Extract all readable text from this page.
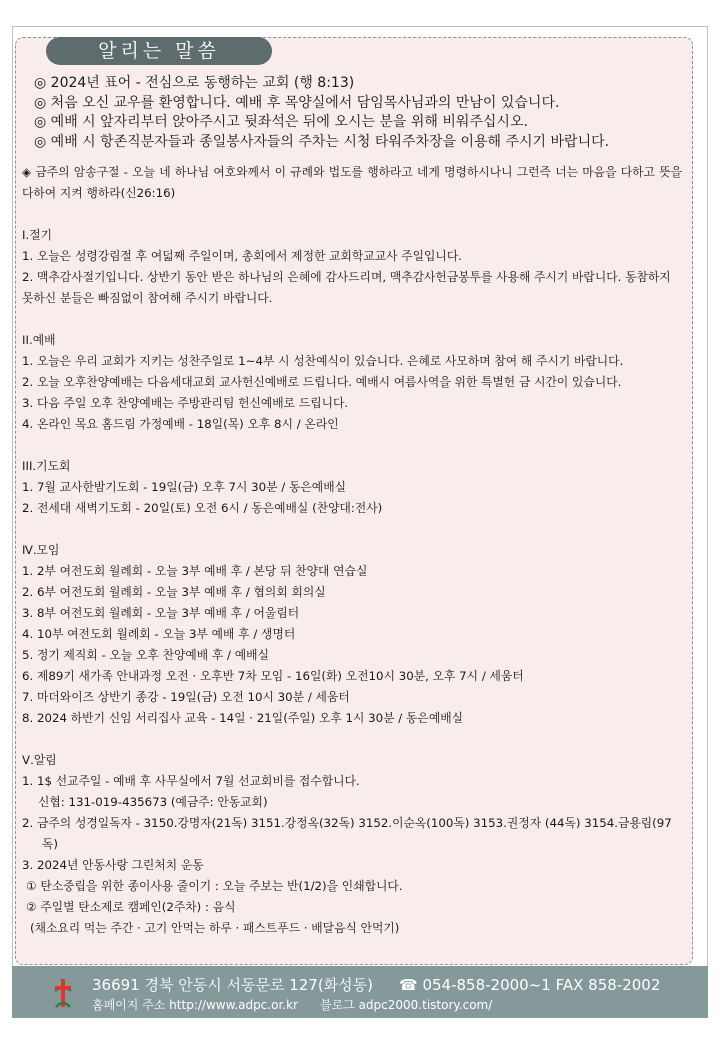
알리는 말씀
◎ 2024년 표어 - 전심으로 동행하는 교회 (행 8:13)
◎ 처음 오신 교우를 환영합니다. 예배 후 목양실에서 담임목사님과의 만남이 있습니다.
◎ 예배 시 앞자리부터 앉아주시고 뒷좌석은 뒤에 오시는 분을 위해 비워주십시오.
◎ 예배 시 항존직분자들과 종일봉사자들의 주차는 시청 타워주차장을 이용해 주시기 바랍니다.

◈ 금주의 암송구절 - 오늘 네 하나님 여호와께서 이 규례와 법도를 행하라고 네게 명령하시나니 그런즉 너는 마음을 다하고 뜻을 다하여 지켜 행하라(신26:16)

I.절기

1. 오늘은 성령강림절 후 여덟째 주일이며, 총회에서 제정한 교회학교교사 주일입니다.

2. 맥추감사절기입니다. 상반기 동안 받은 하나님의 은혜에 감사드리며, 맥추감사헌금봉투를 사용해 주시기 바랍니다. 동참하지 못하신 분들은 빠짐없이 참여해 주시기 바랍니다.

II.예배

1. 오늘은 우리 교회가 지키는 성찬주일로 1~4부 시 성찬예식이 있습니다. 은혜로 사모하며 참여 해 주시기 바랍니다.

2. 오늘 오후찬양예배는 다음세대교회 교사헌신예배로 드립니다. 예배시 여름사역을 위한 특별헌 금 시간이 있습니다.

3. 다음 주일 오후 찬양예배는 주방관리팀 헌신예배로 드립니다.

4. 온라인 목요 홈드림 가정예배 - 18일(목) 오후 8시 / 온라인

III.기도회

1. 7월 교사한밤기도회 - 19일(금) 오후 7시 30분 / 동은예배실

2. 전세대 새벽기도회 - 20일(토) 오전 6시 / 동은예배실 (찬양대:전사)

Ⅳ.모임

1. 2부 여전도회 월례회 - 오늘 3부 예배 후 / 본당 뒤 찬양대 연습실

2. 6부 여전도회 월례회 - 오늘 3부 예배 후 / 협의회 회의실

3. 8부 여전도회 월례회 - 오늘 3부 예배 후 / 어울림터

4. 10부 여전도회 월례회 - 오늘 3부 예배 후 / 생명터

5. 정기 제직회 - 오늘 오후 찬양예배 후 / 예배실

6. 제89기 새가족 안내과정 오전 · 오후반 7차 모임 - 16일(화) 오전10시 30분, 오후 7시 / 세움터

7. 마더와이즈 상반기 종강 - 19일(금) 오전 10시 30분 / 세움터

8. 2024 하반기 신임 서리집사 교육 - 14일 · 21일(주일) 오후 1시 30분 / 동은예배실

Ⅴ.알림

1. 1$ 선교주일 - 예배 후 사무실에서 7월 선교회비를 접수합니다.

신협: 131-019-435673 (예금주: 안동교회)

2. 금주의 성경일독자 - 3150.강명자(21독) 3151.강정옥(32독) 3152.이순옥(100독) 3153.권정자 (44독) 3154.금용림(97독)

3. 2024년 안동사랑 그린처치 운동

① 탄소중립을 위한 종이사용 줄이기 : 오늘 주보는 반(1/2)을 인쇄합니다.

② 주일별 탄소제로 캠페인(2주차) : 음식

(채소요리 먹는 주간 · 고기 안먹는 하루 · 패스트푸드 · 배달음식 안먹기)

36691 경북 안동시 서동문로 127(화성동) ☎ 054-858-2000~1 FAX 858-2002
홈페이지 주소 http://www.adpc.or.kr 블로그 adpc2000.tistory.com/
